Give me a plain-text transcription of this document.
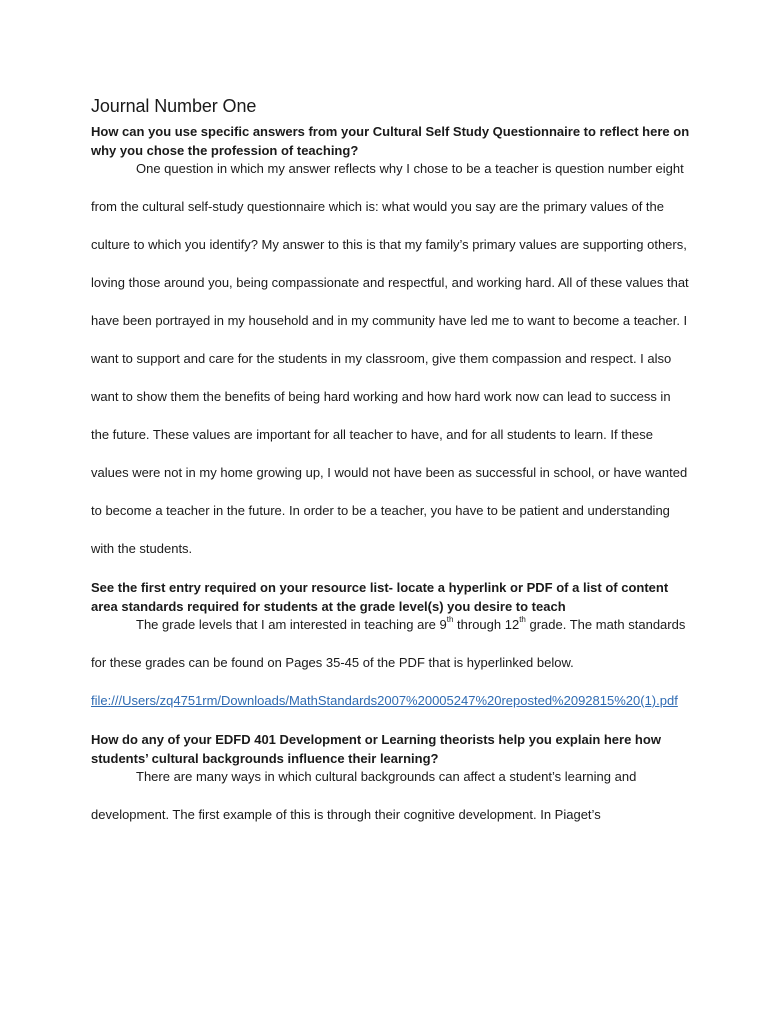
Journal Number One

How can you use specific answers from your Cultural Self Study Questionnaire to reflect here on why you chose the profession of teaching?

One question in which my answer reflects why I chose to be a teacher is question number eight from the cultural self-study questionnaire which is: what would you say are the primary values of the culture to which you identify? My answer to this is that my family’s primary values are supporting others, loving those around you, being compassionate and respectful, and working hard. All of these values that have been portrayed in my household and in my community have led me to want to become a teacher. I want to support and care for the students in my classroom, give them compassion and respect. I also want to show them the benefits of being hard working and how hard work now can lead to success in the future. These values are important for all teacher to have, and for all students to learn. If these values were not in my home growing up, I would not have been as successful in school, or have wanted to become a teacher in the future. In order to be a teacher, you have to be patient and understanding with the students.

See the first entry required on your resource list- locate a hyperlink or PDF of a list of content area standards required for students at the grade level(s) you desire to teach

The grade levels that I am interested in teaching are 9th through 12th grade. The math standards for these grades can be found on Pages 35-45 of the PDF that is hyperlinked below.

file:///Users/zq4751rm/Downloads/MathStandards2007%20005247%20reposted%2092815%20(1).pdf

How do any of your EDFD 401 Development or Learning theorists help you explain here how students’ cultural backgrounds influence their learning?

There are many ways in which cultural backgrounds can affect a student’s learning and development. The first example of this is through their cognitive development. In Piaget’s
